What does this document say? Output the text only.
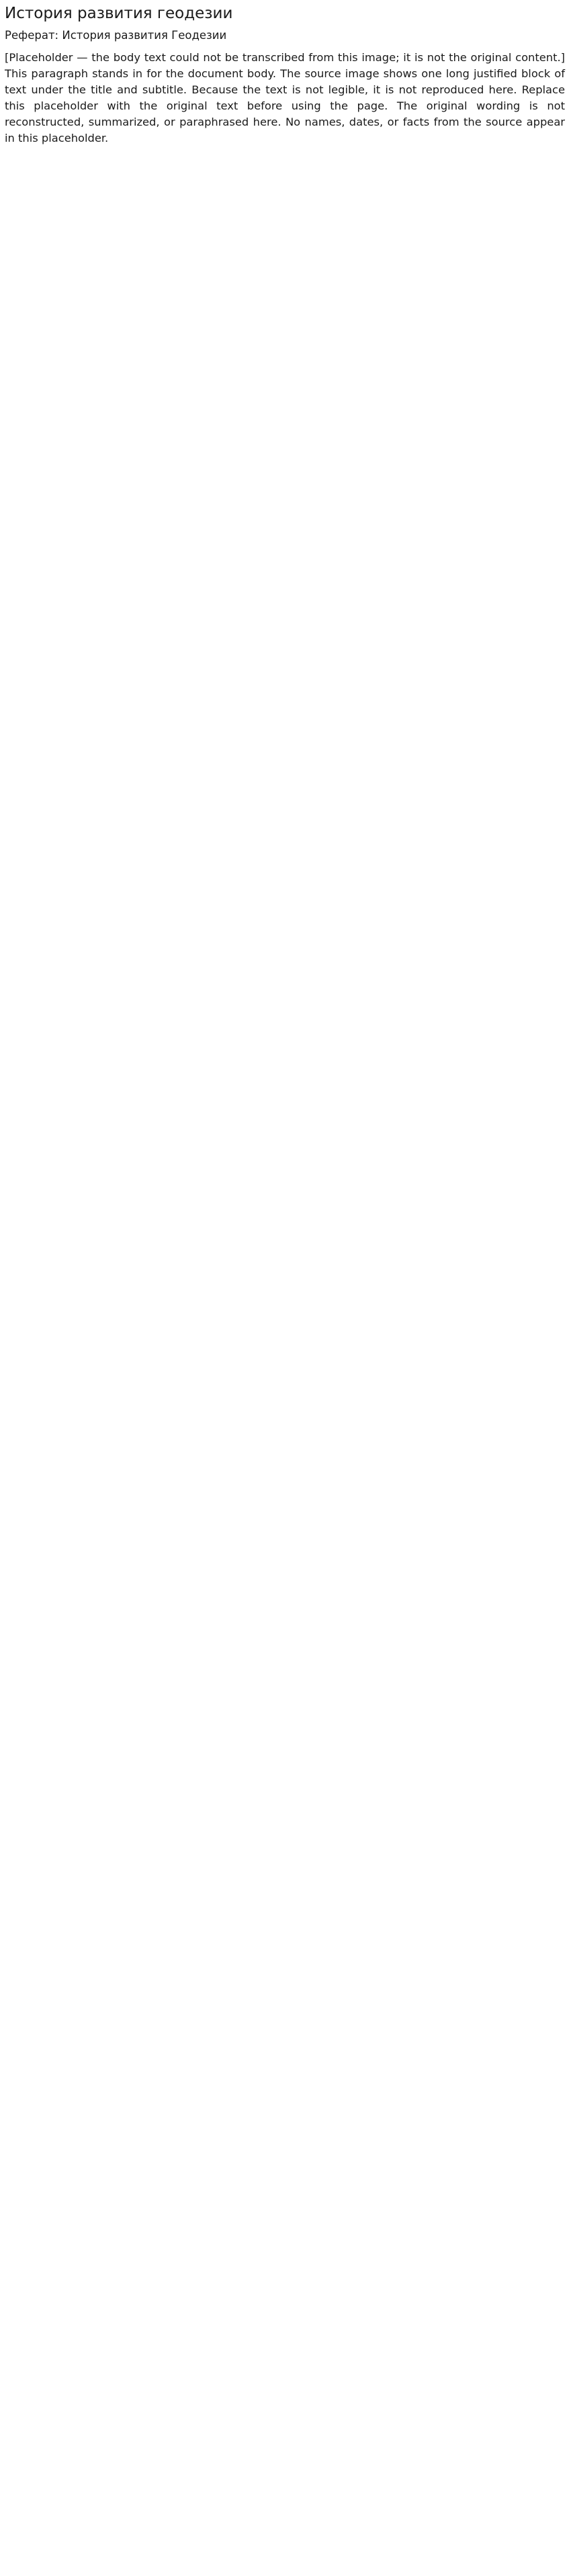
История развития геодезии
Реферат: История развития Геодезии

[Placeholder — the body text could not be transcribed from this image; it is not the original content.] This paragraph stands in for the document body. The source image shows one long justified block of text under the title and subtitle. Because the text is not legible, it is not reproduced here. Replace this placeholder with the original text before using the page. The original wording is not reconstructed, summarized, or paraphrased here. No names, dates, or facts from the source appear in this placeholder.
